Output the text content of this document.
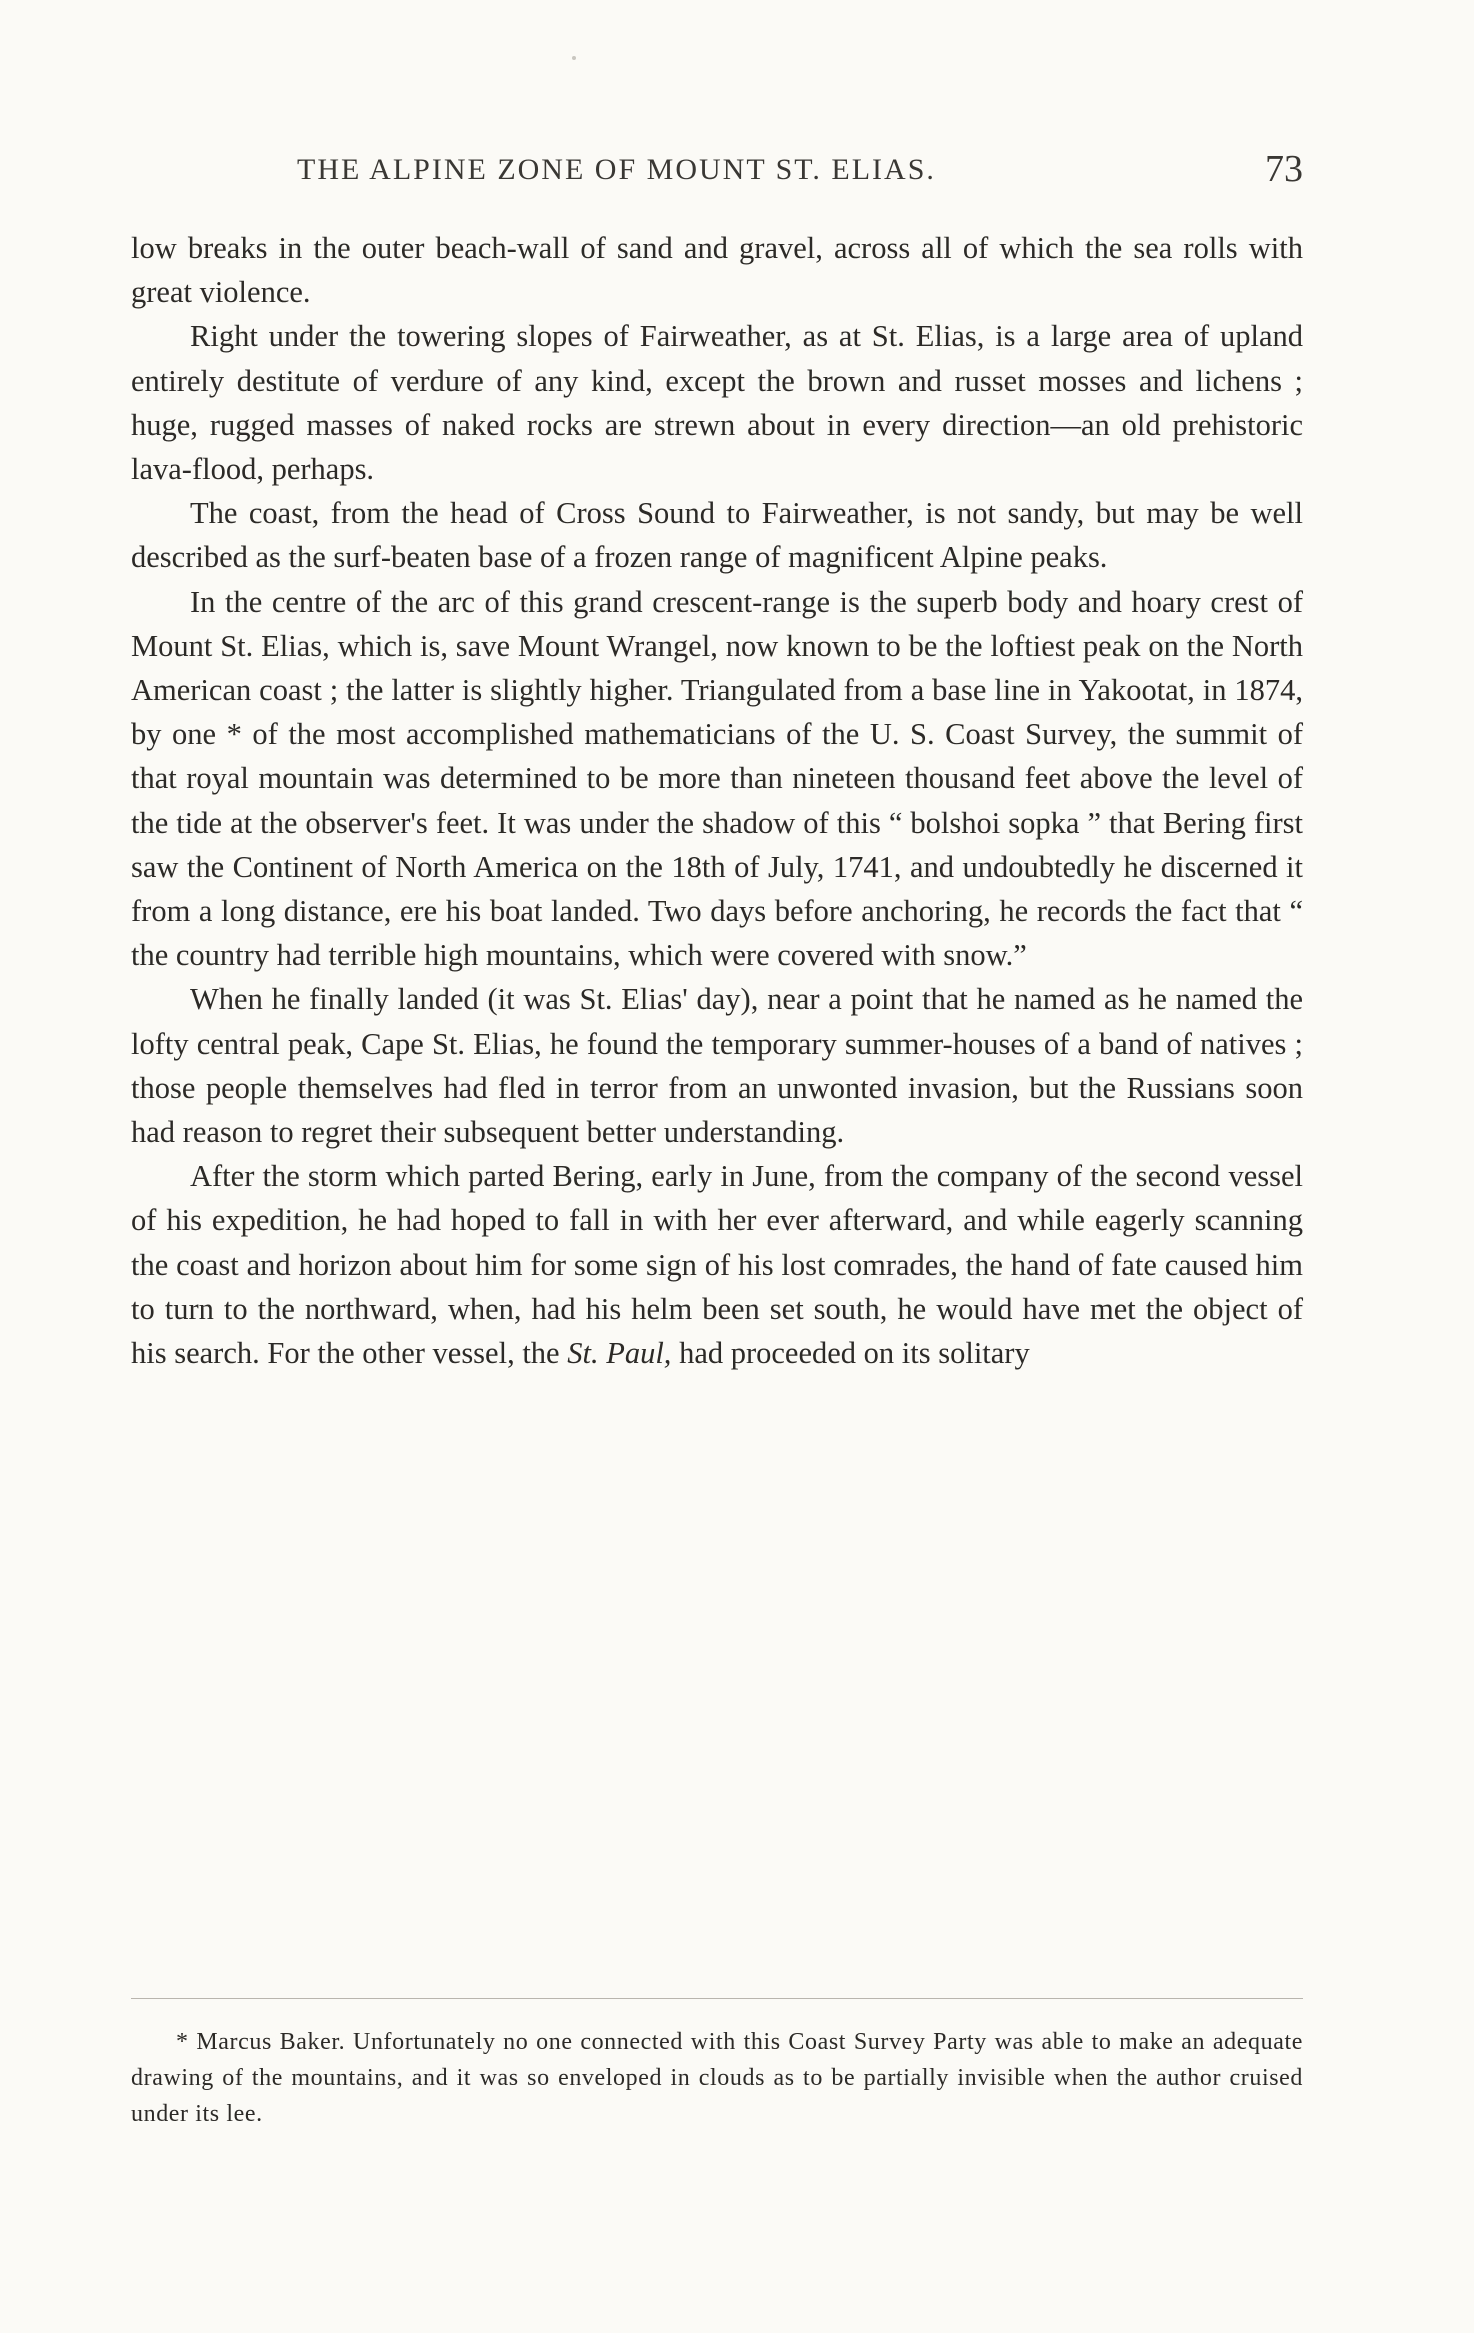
THE ALPINE ZONE OF MOUNT ST. ELIAS.	73

low breaks in the outer beach-wall of sand and gravel, across all of which the sea rolls with great violence.

Right under the towering slopes of Fairweather, as at St. Elias, is a large area of upland entirely destitute of verdure of any kind, except the brown and russet mosses and lichens ; huge, rugged masses of naked rocks are strewn about in every direction—an old prehistoric lava-flood, perhaps.

The coast, from the head of Cross Sound to Fairweather, is not sandy, but may be well described as the surf-beaten base of a frozen range of magnificent Alpine peaks.

In the centre of the arc of this grand crescent-range is the superb body and hoary crest of Mount St. Elias, which is, save Mount Wrangel, now known to be the loftiest peak on the North American coast ; the latter is slightly higher. Triangulated from a base line in Yakootat, in 1874, by one * of the most accomplished mathematicians of the U. S. Coast Survey, the summit of that royal mountain was determined to be more than nineteen thousand feet above the level of the tide at the observer's feet. It was under the shadow of this “ bolshoi sopka ” that Bering first saw the Continent of North America on the 18th of July, 1741, and undoubtedly he discerned it from a long distance, ere his boat landed. Two days before anchoring, he records the fact that “ the country had terrible high mountains, which were covered with snow.”

When he finally landed (it was St. Elias' day), near a point that he named as he named the lofty central peak, Cape St. Elias, he found the temporary summer-houses of a band of natives ; those people themselves had fled in terror from an unwonted invasion, but the Russians soon had reason to regret their subsequent better understanding.

After the storm which parted Bering, early in June, from the company of the second vessel of his expedition, he had hoped to fall in with her ever afterward, and while eagerly scanning the coast and horizon about him for some sign of his lost comrades, the hand of fate caused him to turn to the northward, when, had his helm been set south, he would have met the object of his search. For the other vessel, the St. Paul, had proceeded on its solitary

* Marcus Baker. Unfortunately no one connected with this Coast Survey Party was able to make an adequate drawing of the mountains, and it was so enveloped in clouds as to be partially invisible when the author cruised under its lee.
